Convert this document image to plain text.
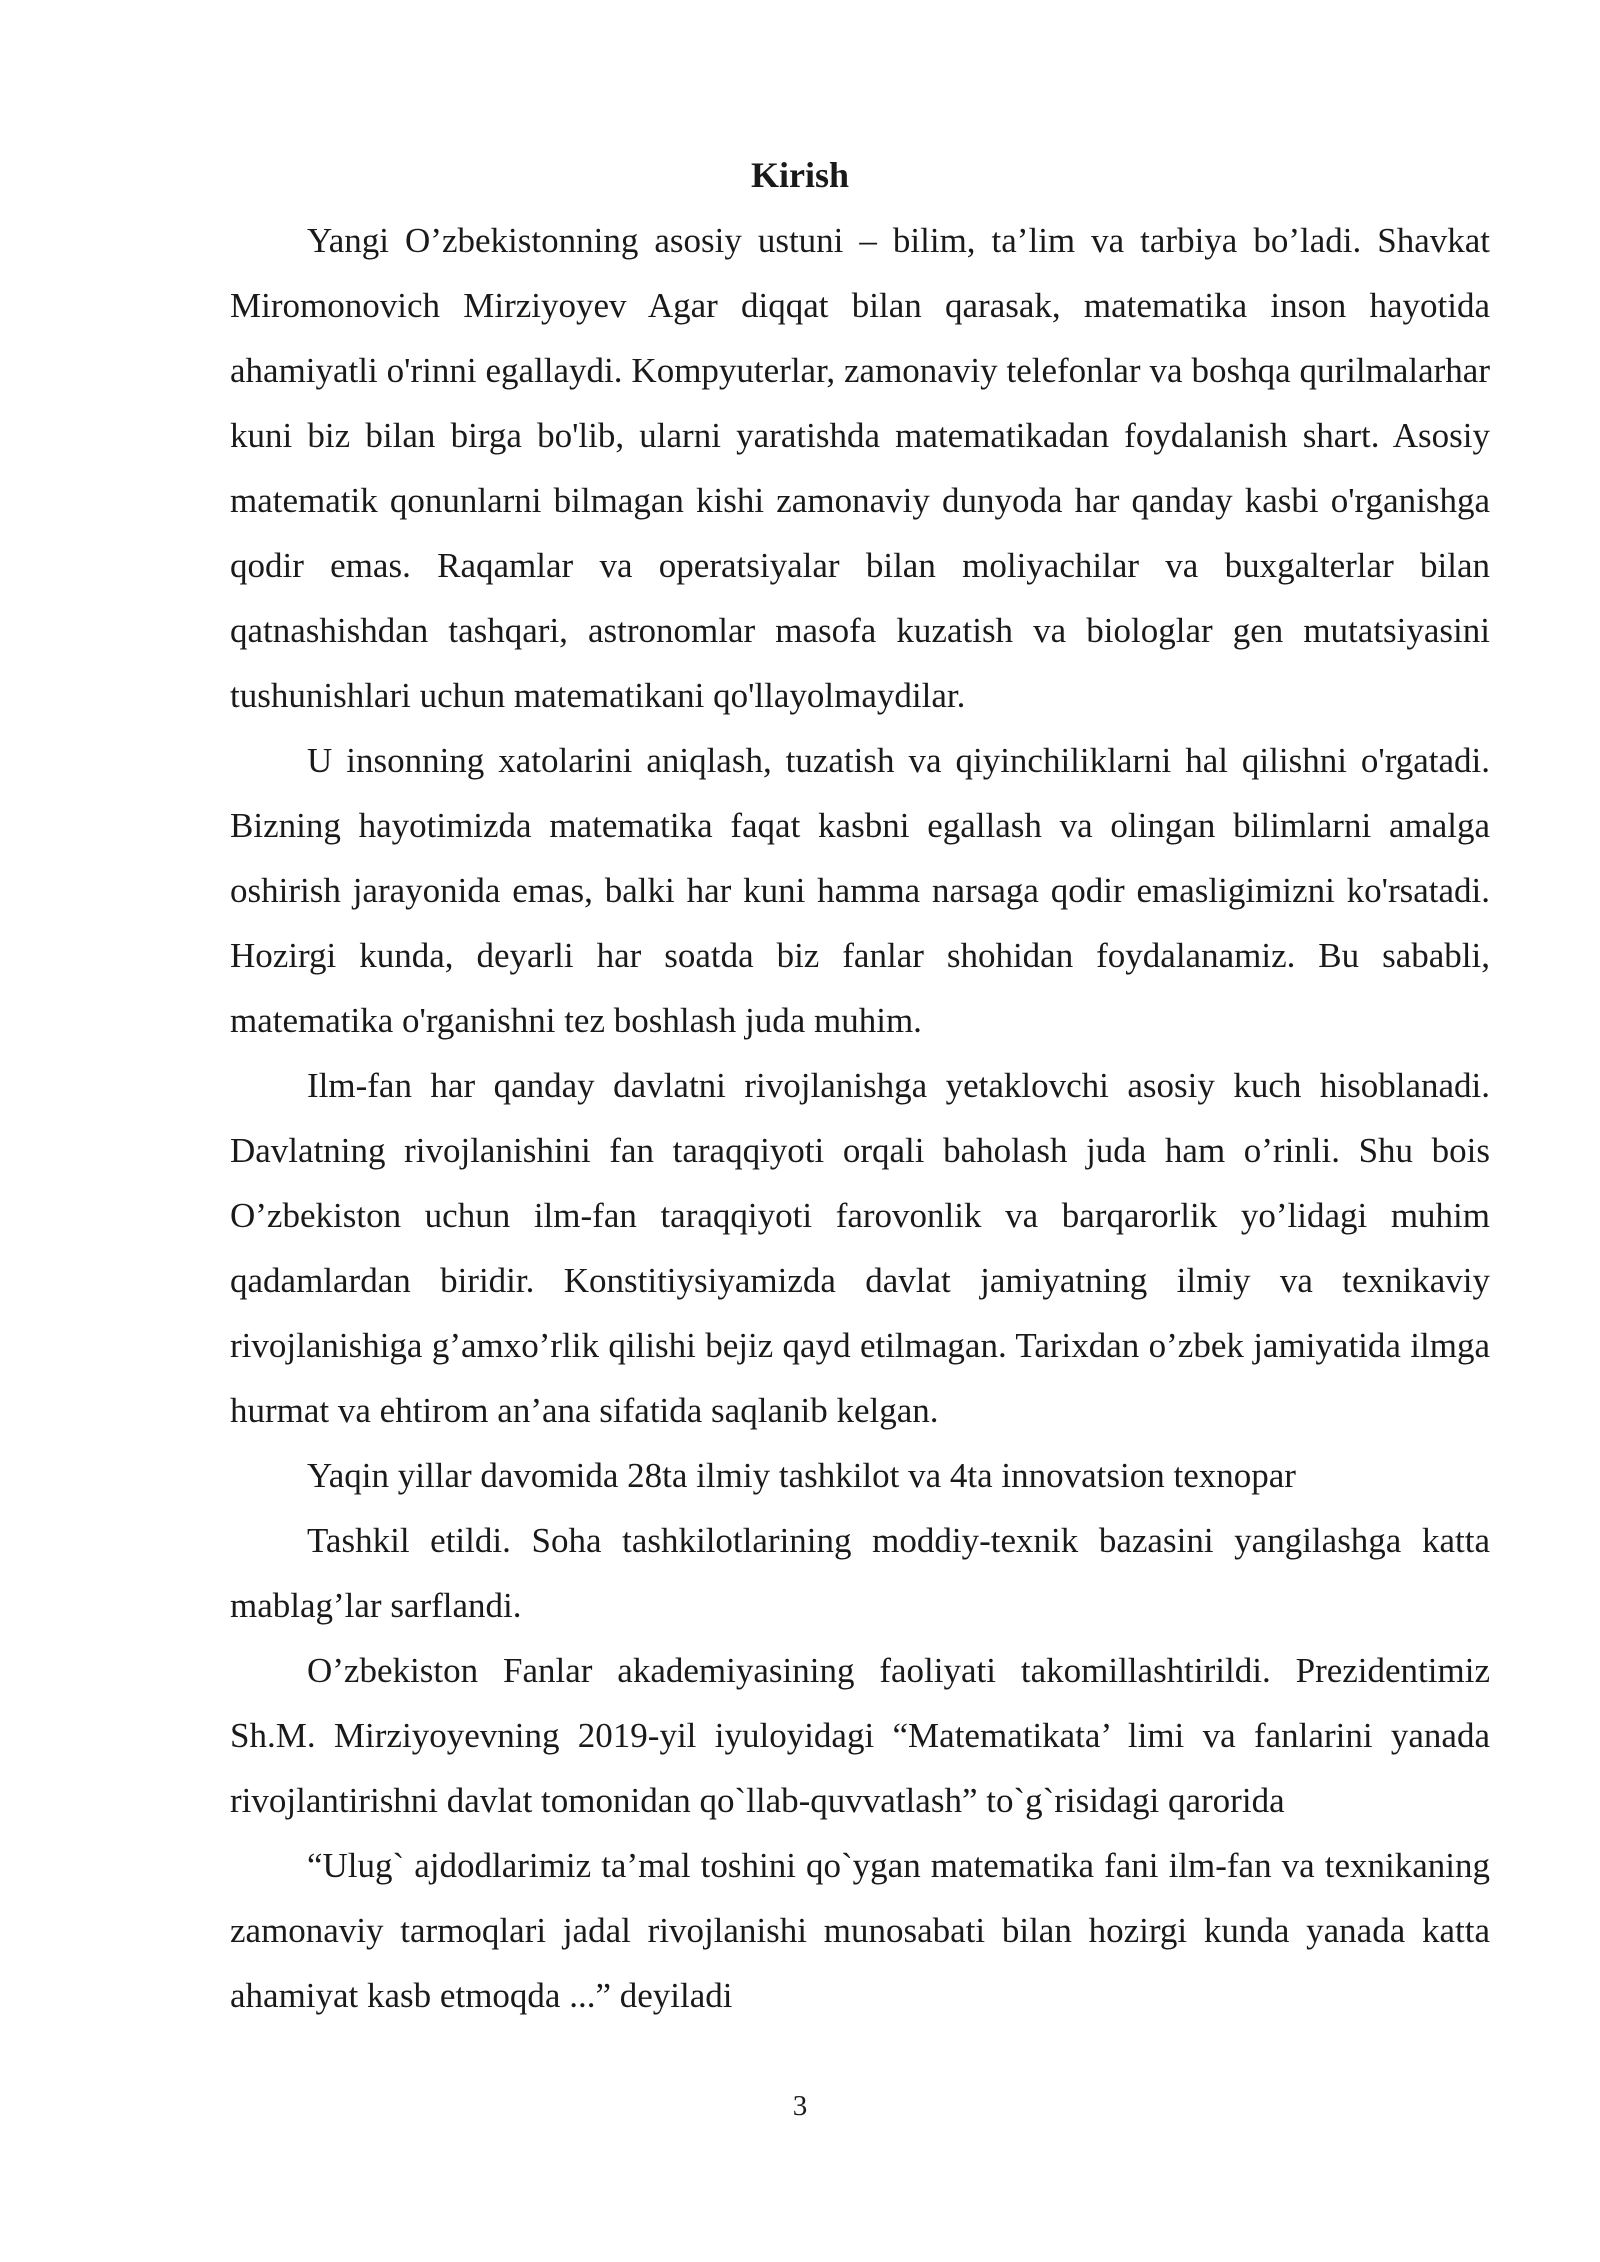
Kirish

Yangi O’zbekistonning asosiy ustuni – bilim, ta’lim va tarbiya bo’ladi. Shavkat Miromonovich Mirziyoyev Agar diqqat bilan qarasak, matematika inson hayotida ahamiyatli o'rinni egallaydi. Kompyuterlar, zamonaviy telefonlar va boshqa qurilmalarhar kuni biz bilan birga bo'lib, ularni yaratishda matematikadan foydalanish shart. Asosiy matematik qonunlarni bilmagan kishi zamonaviy dunyoda har qanday kasbi o'rganishga qodir emas. Raqamlar va operatsiyalar bilan moliyachilar va buxgalterlar bilan qatnashishdan tashqari, astronomlar masofa kuzatish va biologlar gen mutatsiyasini tushunishlari uchun matematikani qo'llayolmaydilar.

U insonning xatolarini aniqlash, tuzatish va qiyinchiliklarni hal qilishni o'rgatadi. Bizning hayotimizda matematika faqat kasbni egallash va olingan bilimlarni amalga oshirish jarayonida emas, balki har kuni hamma narsaga qodir emasligimizni ko'rsatadi. Hozirgi kunda, deyarli har soatda biz fanlar shohidan foydalanamiz. Bu sababli, matematika o'rganishni tez boshlash juda muhim.

Ilm-fan har qanday davlatni rivojlanishga yetaklovchi asosiy kuch hisoblanadi. Davlatning rivojlanishini fan taraqqiyoti orqali baholash juda ham o’rinli. Shu bois O’zbekiston uchun ilm-fan taraqqiyoti farovonlik va barqarorlik yo’lidagi muhim qadamlardan biridir. Konstitiysiyamizda davlat jamiyatning ilmiy va texnikaviy rivojlanishiga g’amxo’rlik qilishi bejiz qayd etilmagan. Tarixdan o’zbek jamiyatida ilmga hurmat va ehtirom an’ana sifatida saqlanib kelgan.

Yaqin yillar davomida 28ta ilmiy tashkilot va 4ta innovatsion texnopar

Tashkil etildi. Soha tashkilotlarining moddiy-texnik bazasini yangilashga katta mablag’lar sarflandi.

O’zbekiston Fanlar akademiyasining faoliyati takomillashtirildi. Prezidentimiz Sh.M. Mirziyoyevning 2019-yil iyuloyidagi “Matematikata’ limi va fanlarini yanada rivojlantirishni davlat tomonidan qo`llab-quvvatlash” to`g`risidagi qarorida

“Ulug` ajdodlarimiz ta’mal toshini qo`ygan matematika fani ilm-fan va texnikaning zamonaviy tarmoqlari jadal rivojlanishi munosabati bilan hozirgi kunda yanada katta ahamiyat kasb etmoqda ...” deyiladi

3
